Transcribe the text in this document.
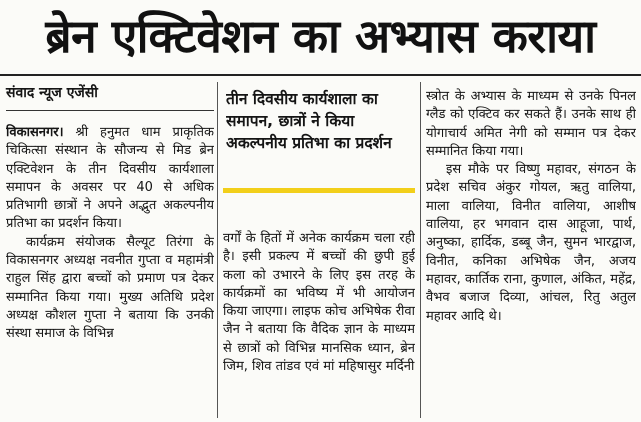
ब्रेन एक्टिवेशन का अभ्यास कराया
संवाद न्यूज एजेंसी

विकासनगर। श्री हनुमत धाम प्राकृतिक चिकित्सा संस्थान के सौजन्य से मिड ब्रेन एक्टिवेशन के तीन दिवसीय कार्यशाला समापन के अवसर पर 40 से अधिक प्रतिभागी छात्रों ने अपने अद्भुत अकल्पनीय प्रतिभा का प्रदर्शन किया।

कार्यक्रम संयोजक सैल्यूट तिरंगा के विकासनगर अध्यक्ष नवनीत गुप्ता व महामंत्री राहुल सिंह द्वारा बच्चों को प्रमाण पत्र देकर सम्मानित किया गया। मुख्य अतिथि प्रदेश अध्यक्ष कौशल गुप्ता ने बताया कि उनकी संस्था समाज के विभिन्न

तीन दिवसीय कार्यशाला का समापन, छात्रों ने किया अकल्पनीय प्रतिभा का प्रदर्शन

वर्गों के हितों में अनेक कार्यक्रम चला रही है। इसी प्रकल्प में बच्चों की छुपी हुई कला को उभारने के लिए इस तरह के कार्यक्रमों का भविष्य में भी आयोजन किया जाएगा। लाइफ कोच अभिषेक रीवा जैन ने बताया कि वैदिक ज्ञान के माध्यम से छात्रों को विभिन्न मानसिक ध्यान, ब्रेन जिम, शिव तांडव एवं मां महिषासुर मर्दिनी

स्त्रोत के अभ्यास के माध्यम से उनके पिनल ग्लैड को एक्टिव कर सकते हैं। उनके साथ ही योगाचार्य अमित नेगी को सम्मान पत्र देकर सम्मानित किया गया।

इस मौके पर विष्णु महावर, संगठन के प्रदेश सचिव अंकुर गोयल, ऋतु वालिया, माला वालिया, विनीत वालिया, आशीष वालिया, हर भगवान दास आहूजा, पार्थ, अनुष्का, हार्दिक, डब्बू जैन, सुमन भारद्वाज, विनीत, कनिका अभिषेक जैन, अजय महावर, कार्तिक राना, कुणाल, अंकित, महेंद्र, वैभव बजाज दिव्या, आंचल, रितु अतुल महावर आदि थे।
